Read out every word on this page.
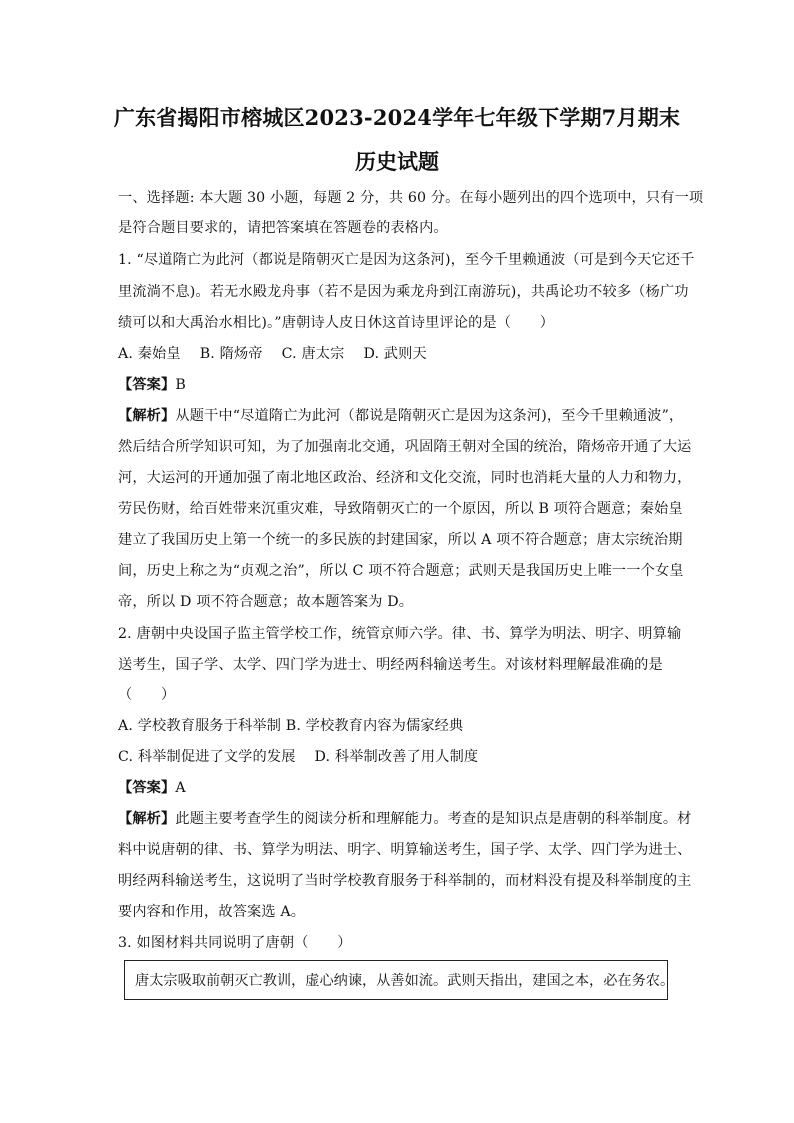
广东省揭阳市榕城区2023-2024学年七年级下学期7月期末
历史试题
一、选择题: 本大题 30 小题，每题 2 分，共 60 分。在每小题列出的四个选项中，只有一项
是符合题目要求的，请把答案填在答题卷的表格内。
1. “尽道隋亡为此河（都说是隋朝灭亡是因为这条河)，至今千里赖通波（可是到今天它还千
里流淌不息)。若无水殿龙舟事（若不是因为乘龙舟到江南游玩)，共禹论功不较多（杨广功
绩可以和大禹治水相比)。”唐朝诗人皮日休这首诗里评论的是（　　）
A. 秦始皇　 B. 隋炀帝　 C. 唐太宗　 D. 武则天
【答案】B
【解析】从题干中“尽道隋亡为此河（都说是隋朝灭亡是因为这条河)，至今千里赖通波”，
然后结合所学知识可知，为了加强南北交通，巩固隋王朝对全国的统治，隋炀帝开通了大运
河，大运河的开通加强了南北地区政治、经济和文化交流，同时也消耗大量的人力和物力，
劳民伤财，给百姓带来沉重灾难，导致隋朝灭亡的一个原因，所以 B 项符合题意；秦始皇
建立了我国历史上第一个统一的多民族的封建国家，所以 A 项不符合题意；唐太宗统治期
间，历史上称之为“贞观之治”，所以 C 项不符合题意；武则天是我国历史上唯一一个女皇
帝，所以 D 项不符合题意；故本题答案为 D。
2. 唐朝中央设国子监主管学校工作，统管京师六学。律、书、算学为明法、明字、明算输
送考生，国子学、太学、四门学为进士、明经两科输送考生。对该材料理解最准确的是
（　　）
A. 学校教育服务于科举制 B. 学校教育内容为儒家经典
C. 科举制促进了文学的发展　 D. 科举制改善了用人制度
【答案】A
【解析】此题主要考查学生的阅读分析和理解能力。考查的是知识点是唐朝的科举制度。材
料中说唐朝的律、书、算学为明法、明字、明算输送考生，国子学、太学、四门学为进士、
明经两科输送考生，这说明了当时学校教育服务于科举制的，而材料没有提及科举制度的主
要内容和作用，故答案选 A。
3. 如图材料共同说明了唐朝（　　）
唐太宗吸取前朝灭亡教训，虚心纳谏，从善如流。武则天指出，建国之本，必在务农。
